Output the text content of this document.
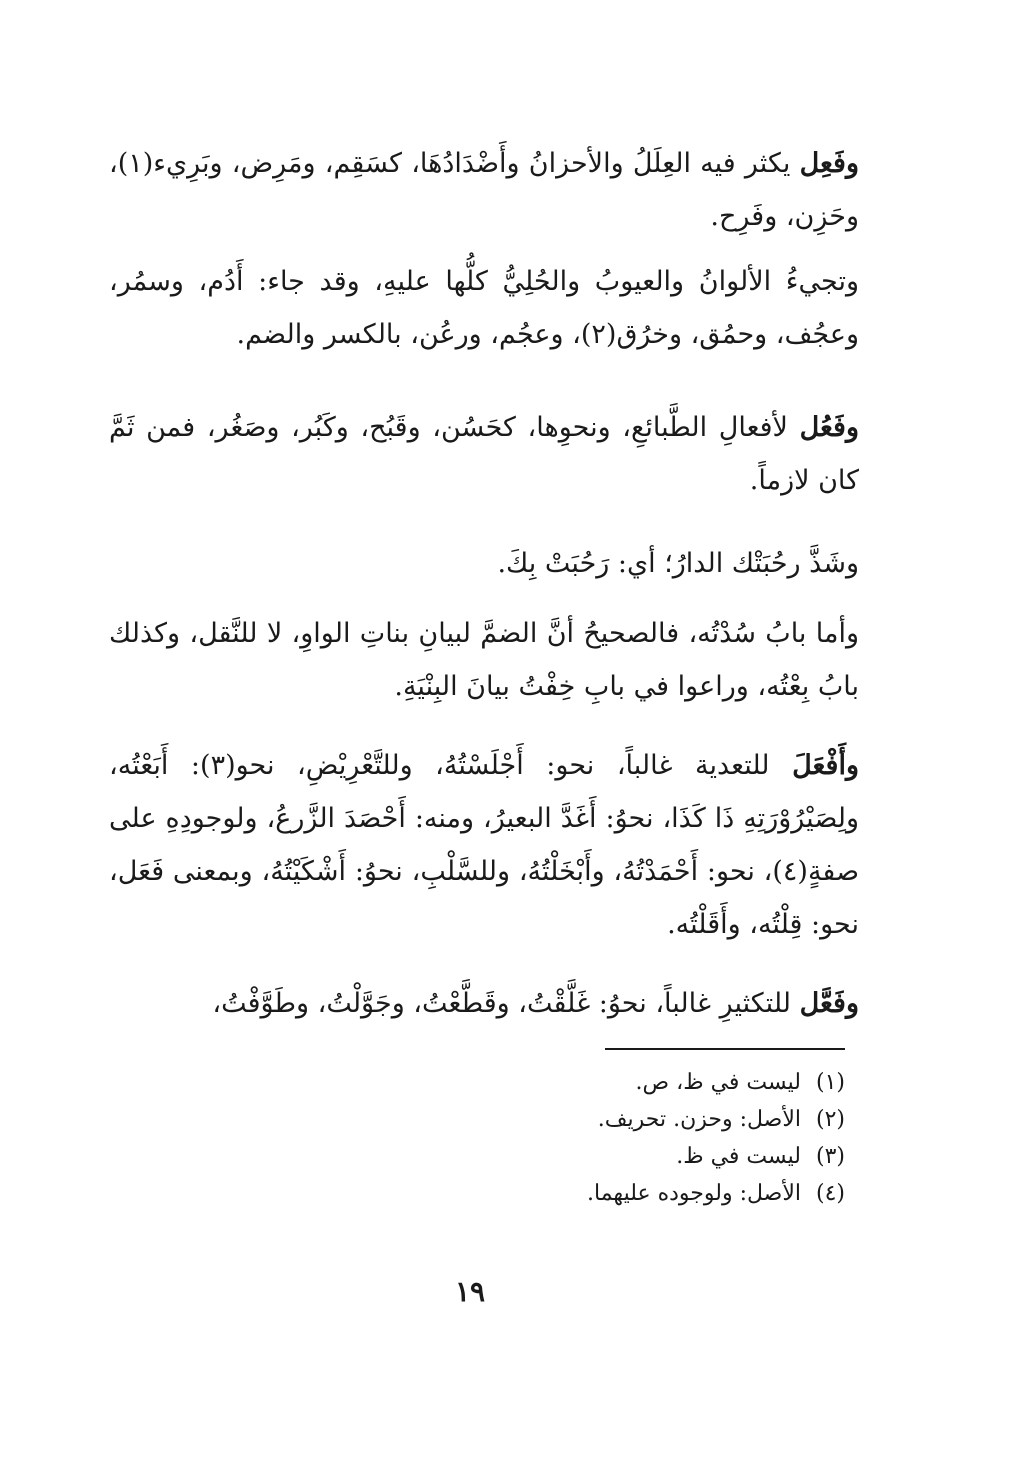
وفَعِل يكثر فيه العِلَلُ والأحزانُ وأَضْدَادُهَا، كسَقِم، ومَرِض، وبَرِيء(١)، وحَزِن، وفَرِح.

وتجيءُ الألوانُ والعيوبُ والحُلِيُّ كلُّها عليهِ، وقد جاء: أَدُم، وسمُر، وعجُف، وحمُق، وخرُق(٢)، وعجُم، ورعُن، بالكسر والضم.

وفَعُل لأفعالِ الطَّبائعِ، ونحوِها، كحَسُن، وقَبُح، وكَبُر، وصَغُر، فمن ثَمَّ كان لازماً.

وشَذَّ رحُبَتْك الدارُ؛ أي: رَحُبَتْ بِكَ.

وأما بابُ سُدْتُه، فالصحيحُ أنَّ الضمَّ لبيانِ بناتِ الواوِ، لا للنَّقل، وكذلك بابُ بِعْتُه، وراعوا في بابِ خِفْتُ بيانَ البِنْيَةِ.

وأَفْعَلَ للتعدية غالباً، نحو: أَجْلَسْتُهُ، وللتَّعْرِيْضِ، نحو(٣): أَبَعْتُه، ولِصَيْرُوْرَتِهِ ذَا كَذَا، نحوُ: أَغَدَّ البعيرُ، ومنه: أَحْصَدَ الزَّرعُ، ولوجودِهِ على صفةٍ(٤)، نحو: أَحْمَدْتُهُ، وأَبْخَلْتُهُ، وللسَّلْبِ، نحوُ: أَشْكَيْتُهُ، وبمعنى فَعَل، نحو: قِلْتُه، وأَقَلْتُه.

وفَعَّل للتكثيرِ غالباً، نحوُ: غَلَّقْتُ، وقَطَّعْتُ، وجَوَّلْتُ، وطَوَّفْتُ،

(١)ليست في ظ، ص.
(٢)الأصل: وحزن. تحريف.
(٣)ليست في ظ.
(٤)الأصل: ولوجوده عليهما.
١٩
